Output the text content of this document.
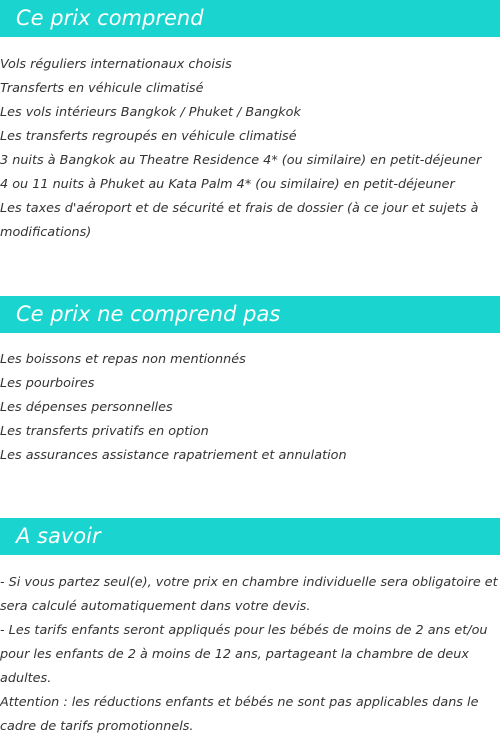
Ce prix comprend
Vols réguliers internationaux choisis
Transferts en véhicule climatisé
Les vols intérieurs Bangkok / Phuket / Bangkok
Les transferts regroupés en véhicule climatisé
3 nuits à Bangkok au Theatre Residence 4* (ou similaire) en petit-déjeuner
4 ou 11 nuits à Phuket au Kata Palm 4* (ou similaire) en petit-déjeuner
Les taxes d'aéroport et de sécurité et frais de dossier (à ce jour et sujets à modifications)
Ce prix ne comprend pas
Les boissons et repas non mentionnés
Les pourboires
Les dépenses personnelles
Les transferts privatifs en option
Les assurances assistance rapatriement et annulation
A savoir
- Si vous partez seul(e), votre prix en chambre individuelle sera obligatoire et sera calculé automatiquement dans votre devis.
- Les tarifs enfants seront appliqués pour les bébés de moins de 2 ans et/ou pour les enfants de 2 à moins de 12 ans, partageant la chambre de deux adultes.
Attention : les réductions enfants et bébés ne sont pas applicables dans le cadre de tarifs promotionnels.
